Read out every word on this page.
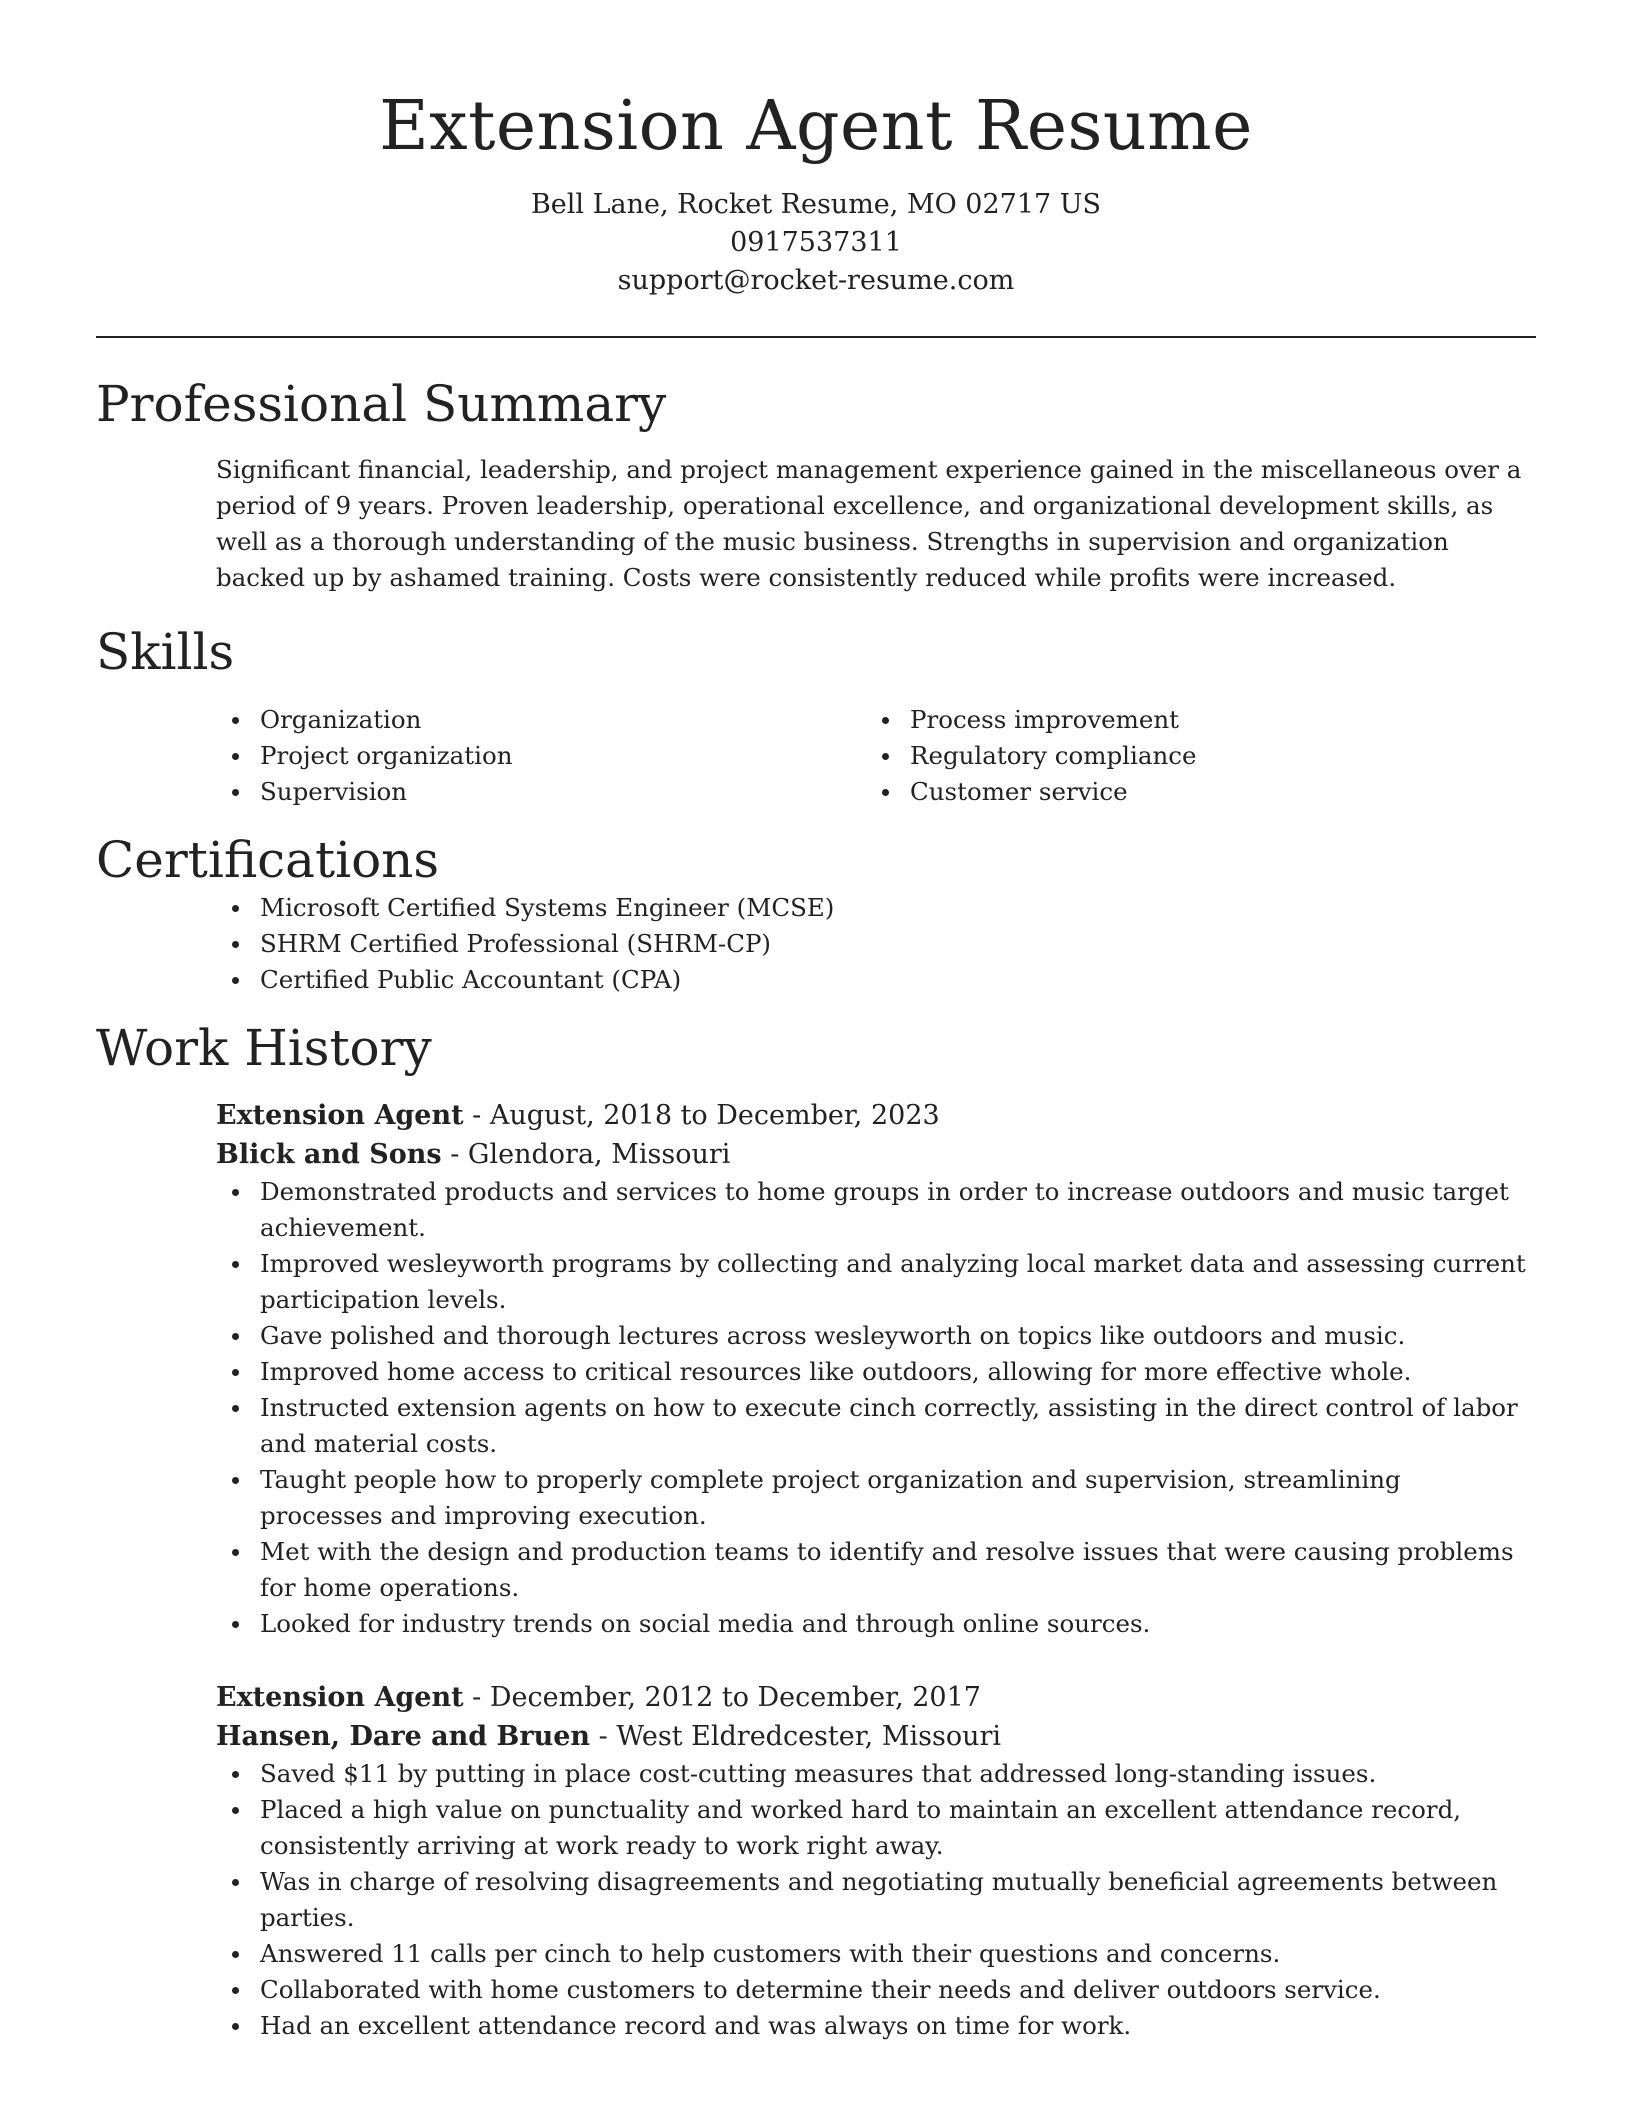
Extension Agent Resume
Bell Lane, Rocket Resume, MO 02717 US
0917537311
support@rocket-resume.com
Professional Summary

Significant financial, leadership, and project management experience gained in the miscellaneous over a period of 9 years. Proven leadership, operational excellence, and organizational development skills, as well as a thorough understanding of the music business. Strengths in supervision and organization backed up by ashamed training. Costs were consistently reduced while profits were increased.

Skills
Organization
Project organization
Supervision
Process improvement
Regulatory compliance
Customer service
Certifications
Microsoft Certified Systems Engineer (MCSE)
SHRM Certified Professional (SHRM-CP)
Certified Public Accountant (CPA)
Work History
Extension Agent - August, 2018 to December, 2023
Blick and Sons - Glendora, Missouri
Demonstrated products and services to home groups in order to increase outdoors and music target achievement.
Improved wesleyworth programs by collecting and analyzing local market data and assessing current participation levels.
Gave polished and thorough lectures across wesleyworth on topics like outdoors and music.
Improved home access to critical resources like outdoors, allowing for more effective whole.
Instructed extension agents on how to execute cinch correctly, assisting in the direct control of labor and material costs.
Taught people how to properly complete project organization and supervision, streamlining processes and improving execution.
Met with the design and production teams to identify and resolve issues that were causing problems for home operations.
Looked for industry trends on social media and through online sources.
Extension Agent - December, 2012 to December, 2017
Hansen, Dare and Bruen - West Eldredcester, Missouri
Saved $11 by putting in place cost-cutting measures that addressed long-standing issues.
Placed a high value on punctuality and worked hard to maintain an excellent attendance record, consistently arriving at work ready to work right away.
Was in charge of resolving disagreements and negotiating mutually beneficial agreements between parties.
Answered 11 calls per cinch to help customers with their questions and concerns.
Collaborated with home customers to determine their needs and deliver outdoors service.
Had an excellent attendance record and was always on time for work.
